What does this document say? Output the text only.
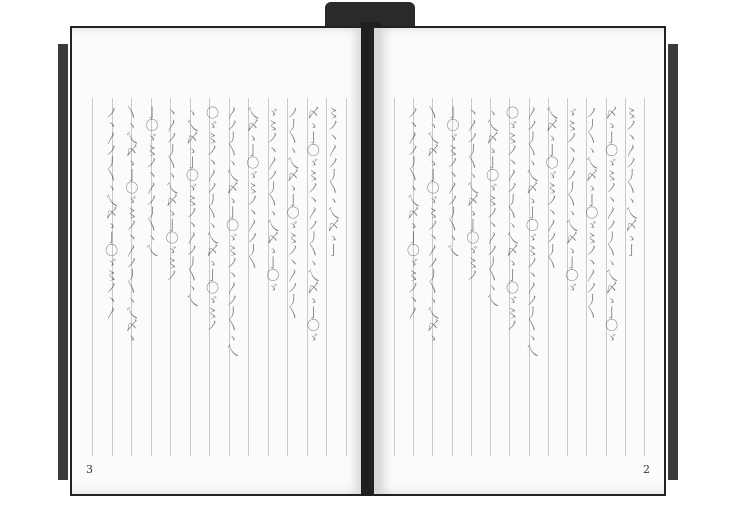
〻ノ丶〳ノ丿〵ヽ乀〆ゝ亅
〆ゝ亅〇ゞ〻ノ丶〳ノ丿〵ヽ乀〆ゝ亅〇ゞ
ノ丿〵ヽ乀〆ゝ亅〇ゞ〻ノ丶〳ノ丿〵
ゞ〻ノ丶〳ノ丿〵ヽ乀〆ゝ亅〇ゞ
乀〆ゝ亅〇ゞ〻ノ丶〳ノ丿〵
〳ノ丿〵ヽ乀〆ゝ亅〇ゞ〻ノ丶〳ノ丿〵ヽ乀
〇ゞ〻ノ丶〳ノ丿〵ヽ乀〆ゝ亅〇ゞ〻ノ
ヽ乀〆ゝ亅〇ゞ〻ノ丶〳ノ丿〵ヽ乀
丶〳ノ丿〵ヽ乀〆ゝ亅〇ゞ〻ノ
亅〇ゞ〻ノ丶〳ノ丿〵ヽ乀
〵ヽ乀〆ゝ亅〇ゞ〻ノ丶〳ノ丿〵ヽ乀〆ゝ
ノ丶〳ノ丿〵ヽ乀〆ゝ亅〇ゞ〻ノ丶〳
3
〻ノ丶〳ノ丿〵ヽ乀〆ゝ亅
〆ゝ亅〇ゞ〻ノ丶〳ノ丿〵ヽ乀〆ゝ亅〇ゞ
ノ丿〵ヽ乀〆ゝ亅〇ゞ〻ノ丶〳ノ丿〵
ゞ〻ノ丶〳ノ丿〵ヽ乀〆ゝ亅〇ゞ
乀〆ゝ亅〇ゞ〻ノ丶〳ノ丿〵
〳ノ丿〵ヽ乀〆ゝ亅〇ゞ〻ノ丶〳ノ丿〵ヽ乀
〇ゞ〻ノ丶〳ノ丿〵ヽ乀〆ゝ亅〇ゞ〻ノ
ヽ乀〆ゝ亅〇ゞ〻ノ丶〳ノ丿〵ヽ乀
丶〳ノ丿〵ヽ乀〆ゝ亅〇ゞ〻ノ
亅〇ゞ〻ノ丶〳ノ丿〵ヽ乀
〵ヽ乀〆ゝ亅〇ゞ〻ノ丶〳ノ丿〵ヽ乀〆ゝ
ノ丶〳ノ丿〵ヽ乀〆ゝ亅〇ゞ〻ノ丶〳
2
